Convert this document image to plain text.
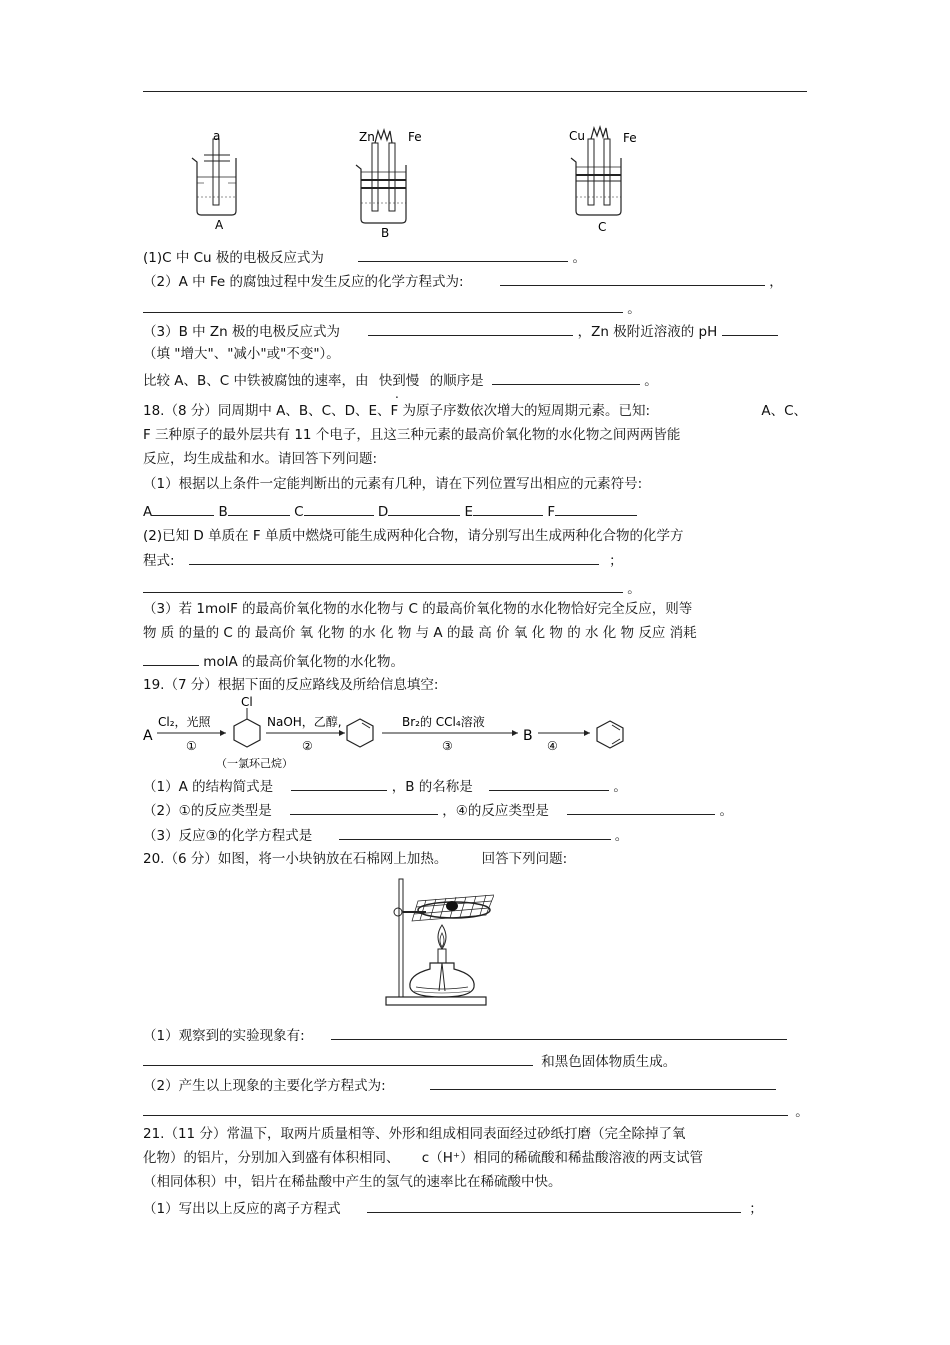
a
A
Zn	Fe
B
Cu	Fe
C
(1)C 中 Cu 极的电极反应式为	。
（2）A 中 Fe 的腐蚀过程中发生反应的化学方程式为:	，
。
（3）B 中 Zn 极的电极反应式为	，Zn 极附近溶液的 pH
（填 "增大"、"减小"或"不变"）。
比较 A、B、C 中铁被腐蚀的速率，由 快到慢 的顺序是	。
18.（8 分）同周期中 A、B、C、D、E、F 为原子序数依次增大的短周期元素。已知:	A、C、
F 三种原子的最外层共有 11 个电子，且这三种元素的最高价氧化物的水化物之间两两皆能
反应，均生成盐和水。请回答下列问题:
（1）根据以上条件一定能判断出的元素有几种，请在下列位置写出相应的元素符号:
A	B	C	D	E	F
(2)已知 D 单质在 F 单质中燃烧可能生成两种化合物，请分别写出生成两种化合物的化学方
程式:	；
。
（3）若 1molF 的最高价氧化物的水化物与 C 的最高价氧化物的水化物恰好完全反应，则等
物 质 的量的 C 的 最高价 氧 化物 的水 化 物 与 A 的最 高 价 氧 化 物 的 水 化 物 反应 消耗
molA 的最高价氧化物的水化物。
19.（7 分）根据下面的反应路线及所给信息填空:
A
Cl₂，光照
①
Cl
（一氯环己烷）
NaOH，乙醇,
②
Br₂的 CCl₄溶液
③
B
④
（1）A 的结构简式是	，B 的名称是	。
（2）①的反应类型是	，④的反应类型是	。
（3）反应③的化学方程式是	。
20.（6 分）如图，将一小块钠放在石棉网上加热。	回答下列问题:
（1）观察到的实验现象有:
和黑色固体物质生成。
（2）产生以上现象的主要化学方程式为:
。
21.（11 分）常温下，取两片质量相等、外形和组成相同表面经过砂纸打磨（完全除掉了氧
化物）的铝片，分别加入到盛有体积相同、 c（H⁺）相同的稀硫酸和稀盐酸溶液的两支试管
（相同体积）中，铝片在稀盐酸中产生的氢气的速率比在稀硫酸中快。
（1）写出以上反应的离子方程式	；
